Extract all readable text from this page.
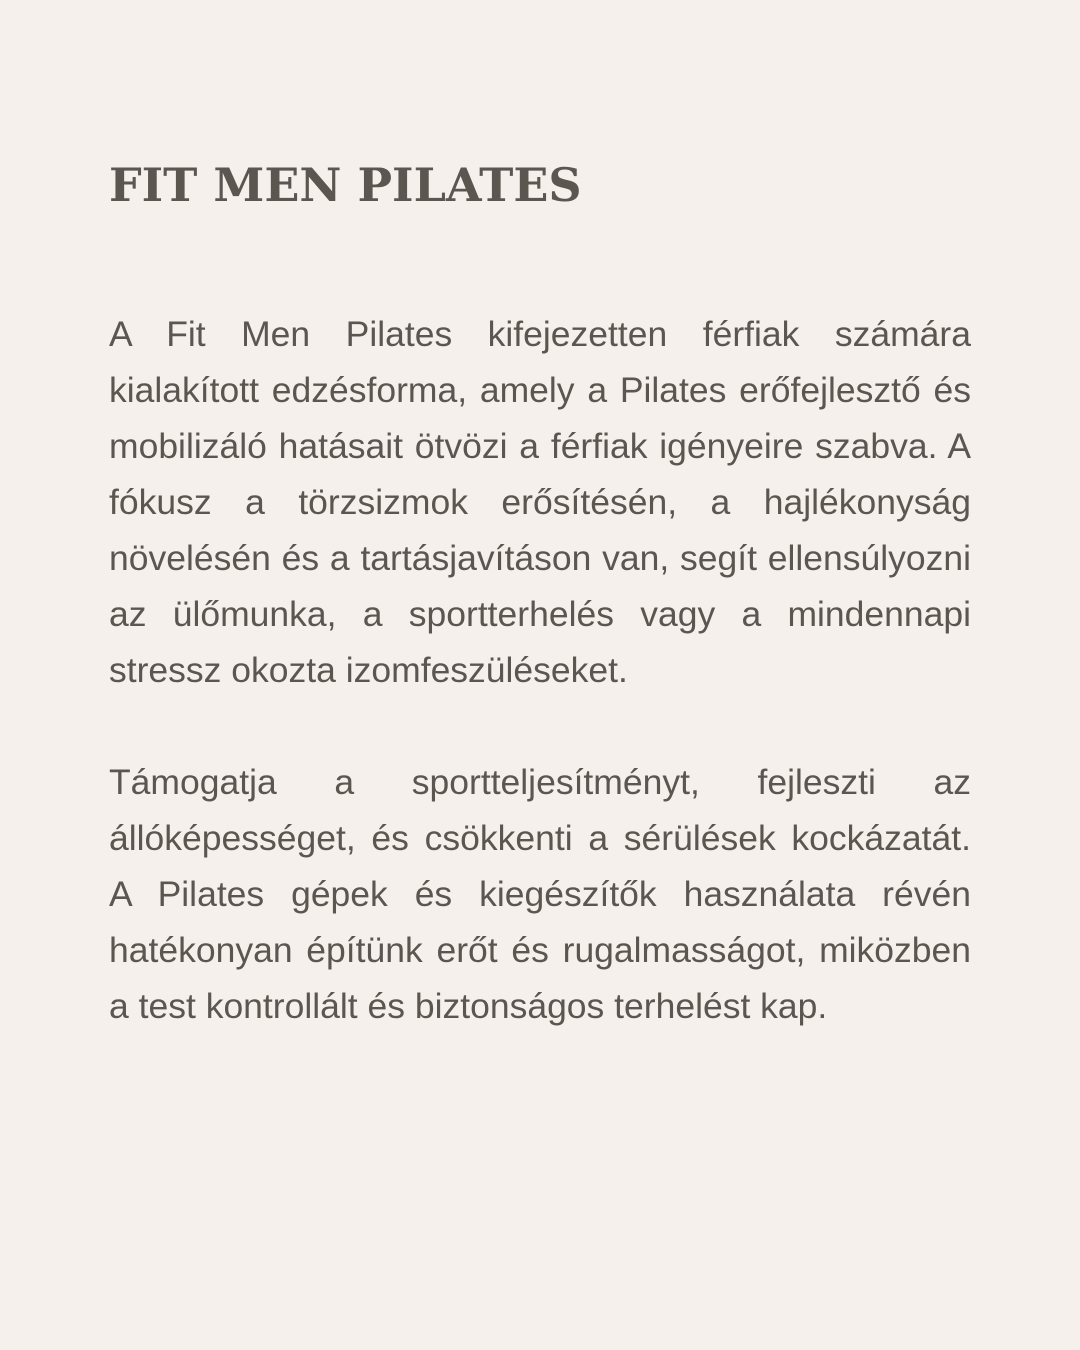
FIT MEN PILATES

A Fit Men Pilates kifejezetten férfiak számára kialakított edzésforma, amely a Pilates erőfejlesztő és mobilizáló hatásait ötvözi a férfiak igényeire szabva. A fókusz a törzsizmok erősítésén, a hajlékonyság növelésén és a tartásjavításon van, segít ellensúlyozni az ülőmunka, a sportterhelés vagy a mindennapi stressz okozta izomfeszüléseket.

Támogatja a sportteljesítményt, fejleszti az állóképességet, és csökkenti a sérülések kockázatát. A Pilates gépek és kiegészítők használata révén hatékonyan építünk erőt és rugalmasságot, miközben a test kontrollált és biztonságos terhelést kap.
